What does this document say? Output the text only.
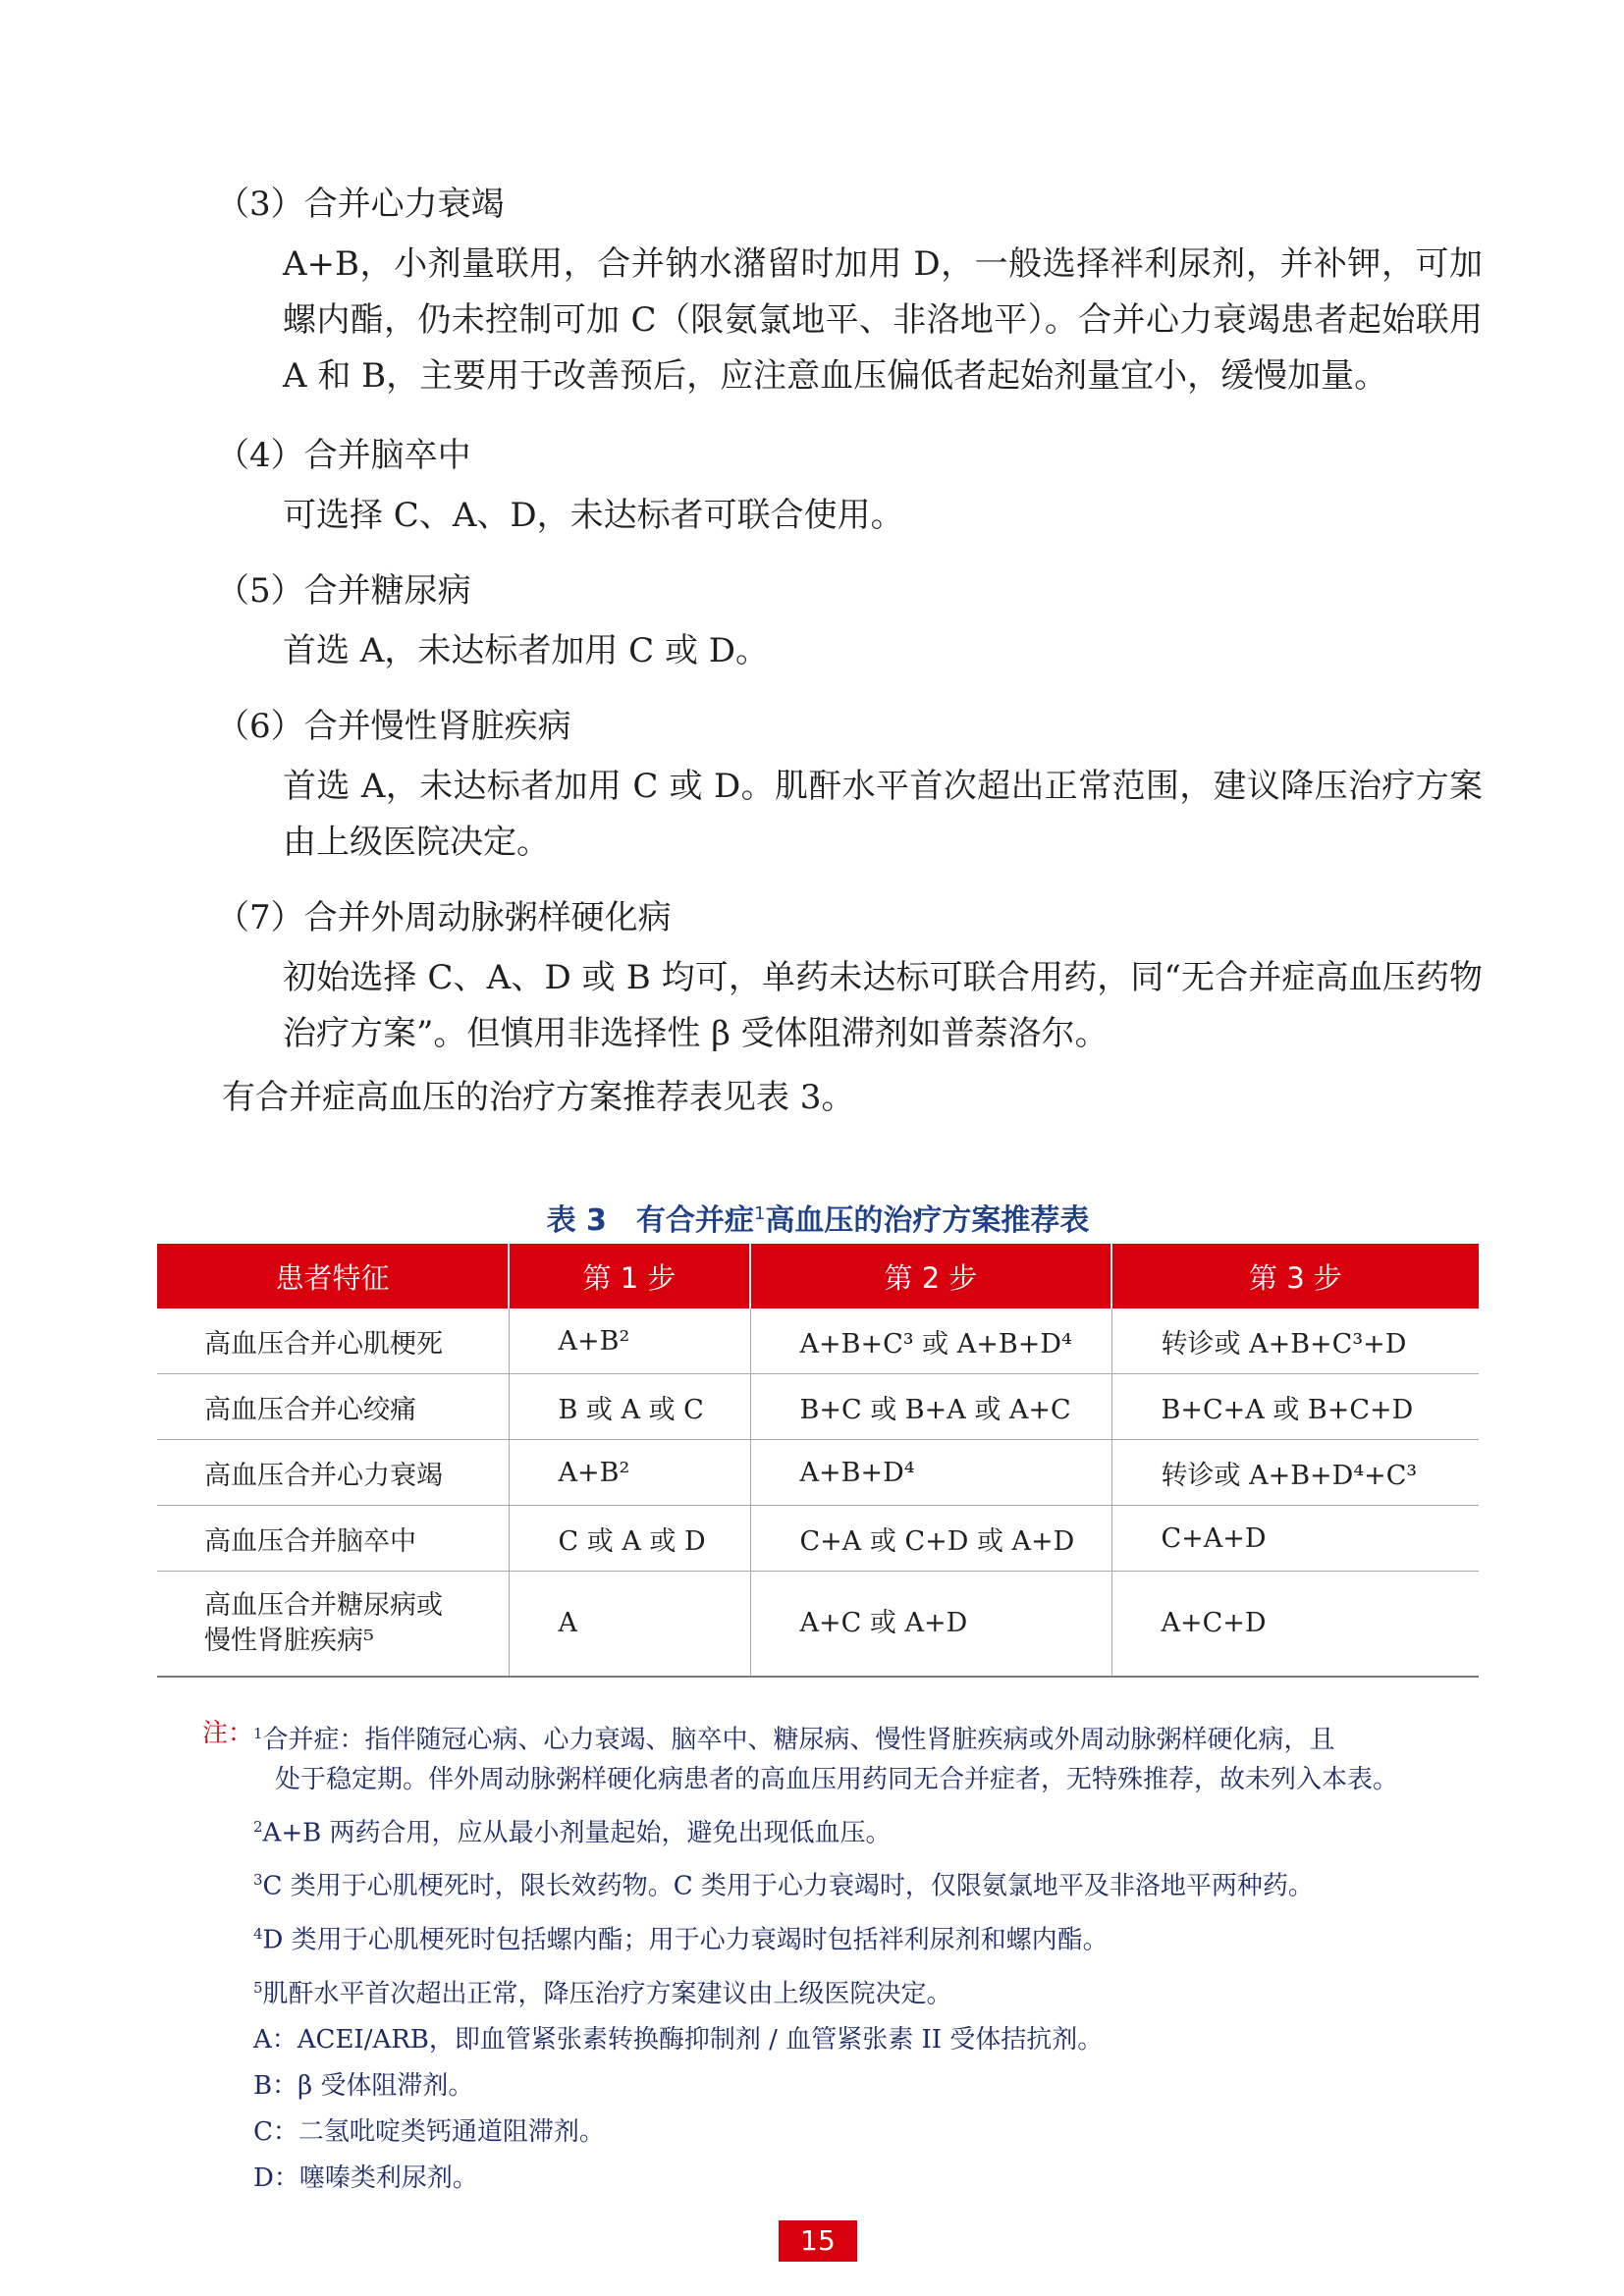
（3）合并心力衰竭
A+B，小剂量联用，合并钠水潴留时加用 D，一般选择袢利尿剂，并补钾，可加螺内酯，仍未控制可加 C（限氨氯地平、非洛地平）。合并心力衰竭患者起始联用 A 和 B，主要用于改善预后，应注意血压偏低者起始剂量宜小，缓慢加量。
（4）合并脑卒中
可选择 C、A、D，未达标者可联合使用。
（5）合并糖尿病
首选 A，未达标者加用 C 或 D。
（6）合并慢性肾脏疾病
首选 A，未达标者加用 C 或 D。肌酐水平首次超出正常范围，建议降压治疗方案由上级医院决定。
（7）合并外周动脉粥样硬化病
初始选择 C、A、D 或 B 均可，单药未达标可联合用药，同“无合并症高血压药物治疗方案”。但慎用非选择性 β 受体阻滞剂如普萘洛尔。
有合并症高血压的治疗方案推荐表见表 3。
表 3　有合并症$^1$高血压的治疗方案推荐表
患者特征	第 1 步	第 2 步	第 3 步
高血压合并心肌梗死	A+B²	A+B+C³ 或 A+B+D⁴	转诊或 A+B+C³+D
高血压合并心绞痛	B 或 A 或 C	B+C 或 B+A 或 A+C	B+C+A 或 B+C+D
高血压合并心力衰竭	A+B²	A+B+D⁴	转诊或 A+B+D⁴+C³
高血压合并脑卒中	C 或 A 或 D	C+A 或 C+D 或 A+D	C+A+D
高血压合并糖尿病或慢性肾脏疾病⁵	A	A+C 或 A+D	A+C+D
注： $^1$合并症：指伴随冠心病、心力衰竭、脑卒中、糖尿病、慢性肾脏疾病或外周动脉粥样硬化病，且
处于稳定期。伴外周动脉粥样硬化病患者的高血压用药同无合并症者，无特殊推荐，故未列入本表。
$^2$A+B 两药合用，应从最小剂量起始，避免出现低血压。
$^3$C 类用于心肌梗死时，限长效药物。C 类用于心力衰竭时，仅限氨氯地平及非洛地平两种药。
$^4$D 类用于心肌梗死时包括螺内酯；用于心力衰竭时包括袢利尿剂和螺内酯。
$^5$肌酐水平首次超出正常，降压治疗方案建议由上级医院决定。
A：ACEI/ARB，即血管紧张素转换酶抑制剂 / 血管紧张素 II 受体拮抗剂。
B：β 受体阻滞剂。
C：二氢吡啶类钙通道阻滞剂。
D：噻嗪类利尿剂。
15
